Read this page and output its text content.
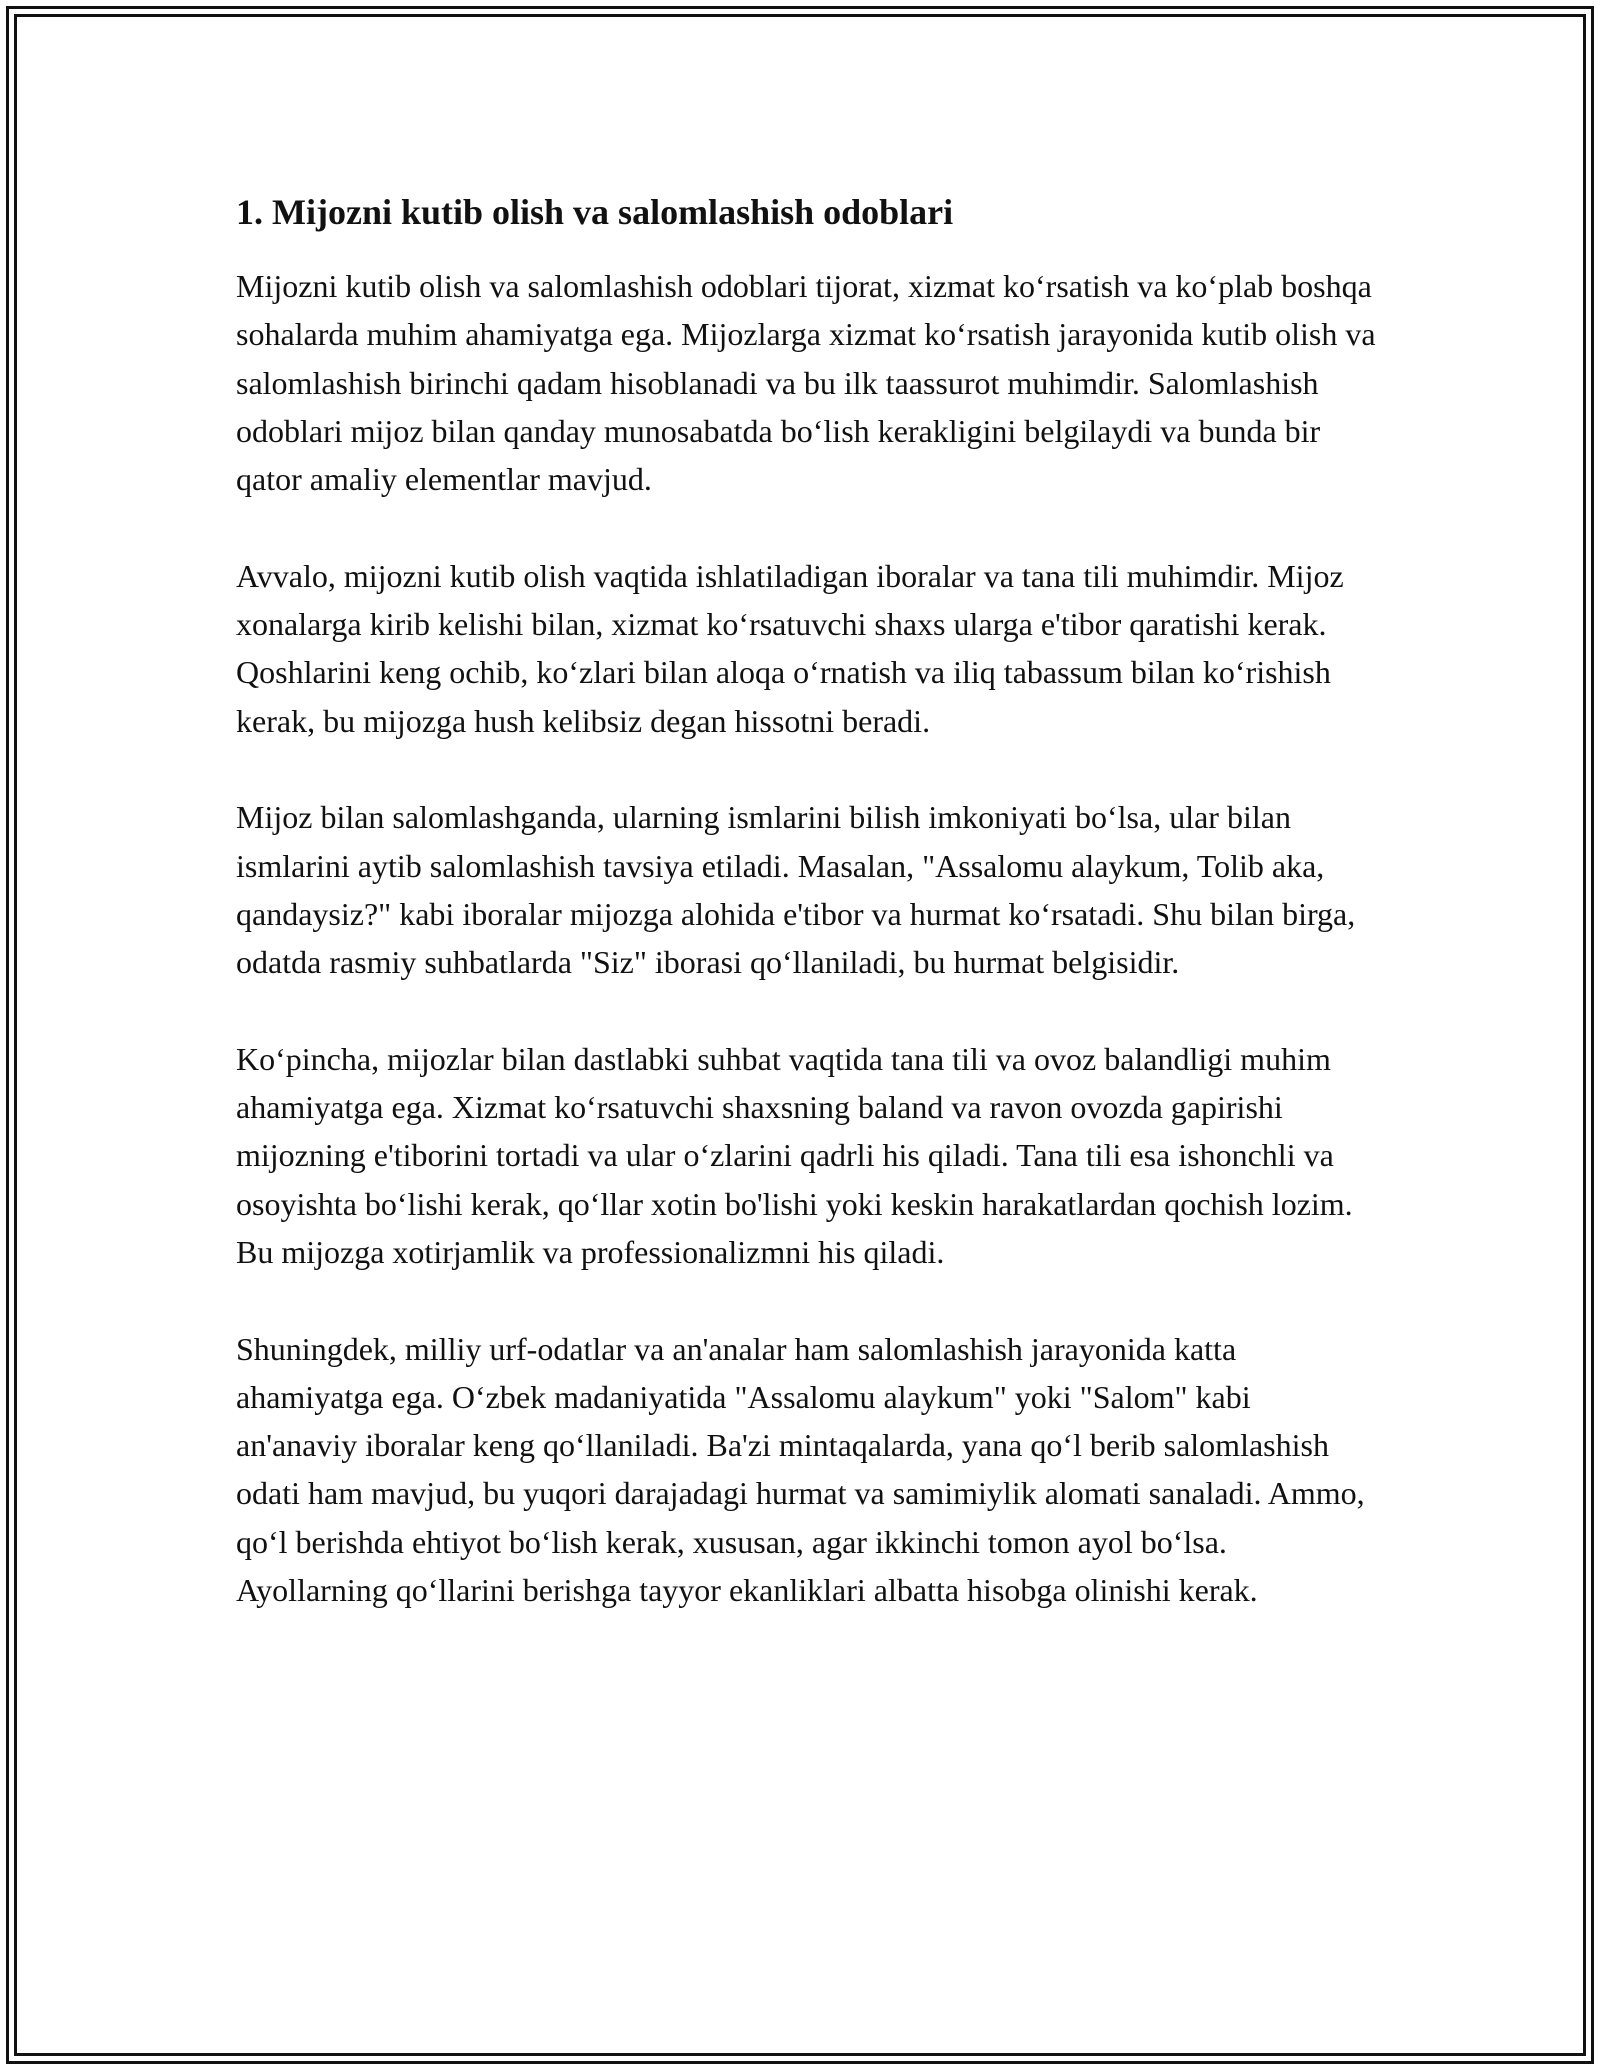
1. Mijozni kutib olish va salomlashish odoblari

Mijozni kutib olish va salomlashish odoblari tijorat, xizmat ko‘rsatish va ko‘plab boshqa sohalarda muhim ahamiyatga ega. Mijozlarga xizmat ko‘rsatish jarayonida kutib olish va salomlashish birinchi qadam hisoblanadi va bu ilk taassurot muhimdir. Salomlashish odoblari mijoz bilan qanday munosabatda bo‘lish kerakligini belgilaydi va bunda bir qator amaliy elementlar mavjud.

Avvalo, mijozni kutib olish vaqtida ishlatiladigan iboralar va tana tili muhimdir. Mijoz xonalarga kirib kelishi bilan, xizmat ko‘rsatuvchi shaxs ularga e'tibor qaratishi kerak. Qoshlarini keng ochib, ko‘zlari bilan aloqa o‘rnatish va iliq tabassum bilan ko‘rishish kerak, bu mijozga hush kelibsiz degan hissotni beradi.

Mijoz bilan salomlashganda, ularning ismlarini bilish imkoniyati bo‘lsa, ular bilan ismlarini aytib salomlashish tavsiya etiladi. Masalan, "Assalomu alaykum, Tolib aka, qandaysiz?" kabi iboralar mijozga alohida e'tibor va hurmat ko‘rsatadi. Shu bilan birga, odatda rasmiy suhbatlarda "Siz" iborasi qo‘llaniladi, bu hurmat belgisidir.

Ko‘pincha, mijozlar bilan dastlabki suhbat vaqtida tana tili va ovoz balandligi muhim ahamiyatga ega. Xizmat ko‘rsatuvchi shaxsning baland va ravon ovozda gapirishi mijozning e'tiborini tortadi va ular o‘zlarini qadrli his qiladi. Tana tili esa ishonchli va osoyishta bo‘lishi kerak, qo‘llar xotin bo'lishi yoki keskin harakatlardan qochish lozim. Bu mijozga xotirjamlik va professionalizmni his qiladi.

Shuningdek, milliy urf-odatlar va an'analar ham salomlashish jarayonida katta ahamiyatga ega. O‘zbek madaniyatida "Assalomu alaykum" yoki "Salom" kabi an'anaviy iboralar keng qo‘llaniladi. Ba'zi mintaqalarda, yana qo‘l berib salomlashish odati ham mavjud, bu yuqori darajadagi hurmat va samimiylik alomati sanaladi. Ammo, qo‘l berishda ehtiyot bo‘lish kerak, xususan, agar ikkinchi tomon ayol bo‘lsa. Ayollarning qo‘llarini berishga tayyor ekanliklari albatta hisobga olinishi kerak.
